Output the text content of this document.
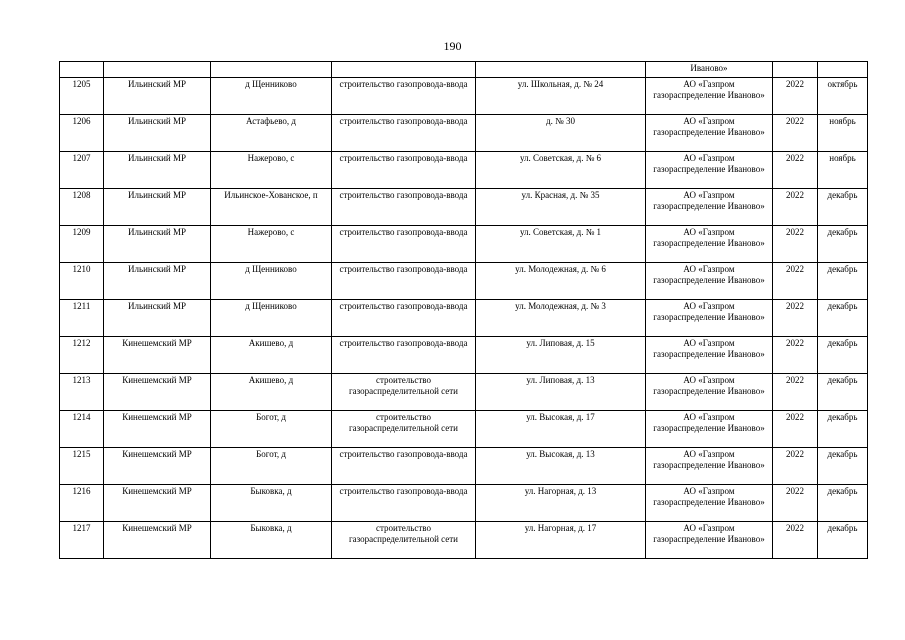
190
					Иваново»		
1205	Ильинский МР	д Щенниково	строительство газопровода-ввода	ул. Школьная, д. № 24	АО «Газпром газораспределение Иваново»	2022	октябрь
1206	Ильинский МР	Астафьево, д	строительство газопровода-ввода	д. № 30	АО «Газпром газораспределение Иваново»	2022	ноябрь
1207	Ильинский МР	Нажерово, с	строительство газопровода-ввода	ул. Советская, д. № 6	АО «Газпром газораспределение Иваново»	2022	ноябрь
1208	Ильинский МР	Ильинское-Хованское, п	строительство газопровода-ввода	ул. Красная, д. № 35	АО «Газпром газораспределение Иваново»	2022	декабрь
1209	Ильинский МР	Нажерово, с	строительство газопровода-ввода	ул. Советская, д. № 1	АО «Газпром газораспределение Иваново»	2022	декабрь
1210	Ильинский МР	д Щенниково	строительство газопровода-ввода	ул. Молодежная, д. № 6	АО «Газпром газораспределение Иваново»	2022	декабрь
1211	Ильинский МР	д Щенниково	строительство газопровода-ввода	ул. Молодежная, д. № 3	АО «Газпром газораспределение Иваново»	2022	декабрь
1212	Кинешемский МР	Акишево, д	строительство газопровода-ввода	ул. Липовая, д. 15	АО «Газпром газораспределение Иваново»	2022	декабрь
1213	Кинешемский МР	Акишево, д	строительство газораспределительной сети	ул. Липовая, д. 13	АО «Газпром газораспределение Иваново»	2022	декабрь
1214	Кинешемский МР	Богот, д	строительство газораспределительной сети	ул. Высокая, д. 17	АО «Газпром газораспределение Иваново»	2022	декабрь
1215	Кинешемский МР	Богот, д	строительство газопровода-ввода	ул. Высокая, д. 13	АО «Газпром газораспределение Иваново»	2022	декабрь
1216	Кинешемский МР	Быковка, д	строительство газопровода-ввода	ул. Нагорная, д. 13	АО «Газпром газораспределение Иваново»	2022	декабрь
1217	Кинешемский МР	Быковка, д	строительство газораспределительной сети	ул. Нагорная, д. 17	АО «Газпром газораспределение Иваново»	2022	декабрь
